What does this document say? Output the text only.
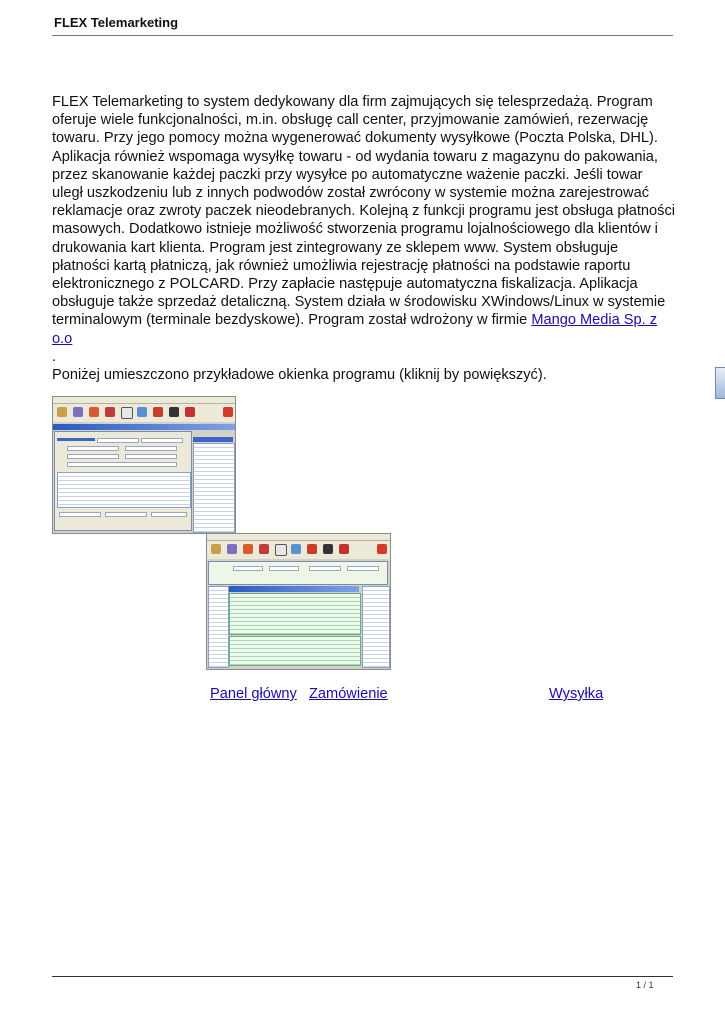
FLEX Telemarketing

FLEX Telemarketing to system dedykowany dla firm zajmujących się telesprzedażą. Program oferuje wiele funkcjonalności, m.in. obsługę call center, przyjmowanie zamówień, rezerwację towaru. Przy jego pomocy można wygenerować dokumenty wysyłkowe (Poczta Polska, DHL). Aplikacja również wspomaga wysyłkę towaru - od wydania towaru z magazynu do pakowania, przez skanowanie każdej paczki przy wysyłce po automatyczne ważenie paczki. Jeśli towar uległ uszkodzeniu lub z innych podwodów został zwrócony w systemie można zarejestrować reklamacje oraz zwroty paczek nieodebranych. Kolejną z funkcji programu jest obsługa płatności masowych. Dodatkowo istnieje możliwość stworzenia programu lojalnościowego dla klientów i drukowania kart klienta. Program jest zintegrowany ze sklepem www. System obsługuje płatności kartą płatniczą, jak również umożliwia rejestrację płatności na podstawie raportu elektronicznego z POLCARD. Przy zapłacie następuje automatyczna fiskalizacja. Aplikacja obsługuje także sprzedaż detaliczną. System działa w środowisku XWindows/Linux w systemie terminalowym (terminale bezdyskowe). Program został wdrożony w firmie Mango Media Sp. z o.o

.

Poniżej umieszczono przykładowe okienka programu (kliknij by powiększyć).

Panel główny Zamówienie	Wysyłka
1 / 1
